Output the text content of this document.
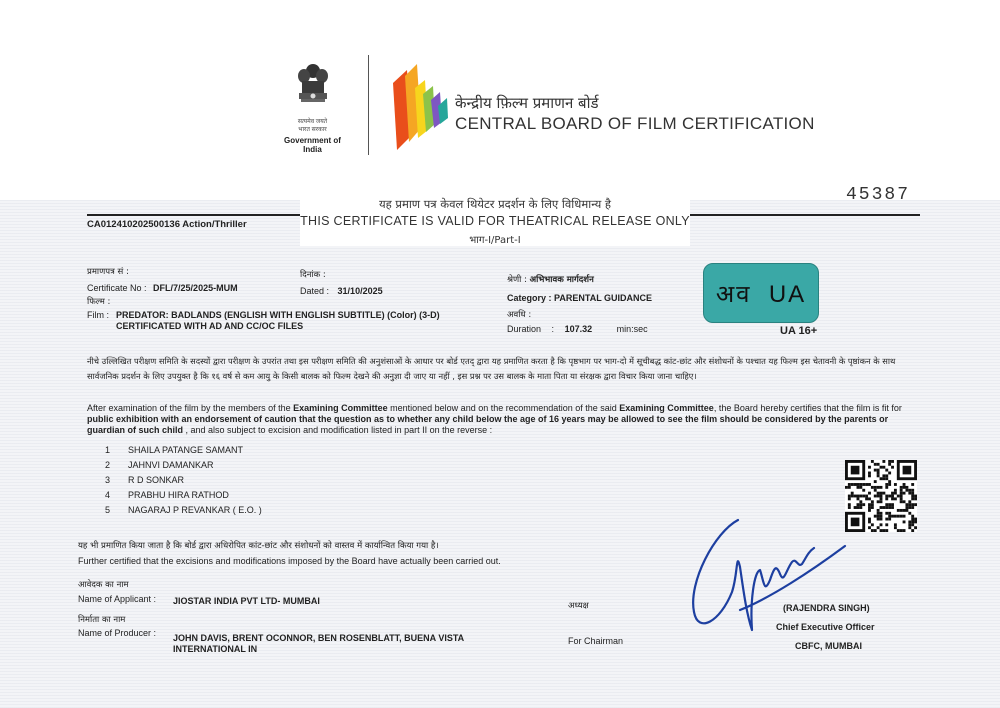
सत्यमेव जयते
भारत सरकार
Government of India
केन्द्रीय फ़िल्म प्रमाणन बोर्ड
CENTRAL BOARD OF FILM CERTIFICATION
45387
यह प्रमाण पत्र केवल थियेटर प्रदर्शन के लिए विधिमान्य है
THIS CERTIFICATE IS VALID FOR THEATRICAL RELEASE ONLY
भाग-I/Part-I
CA012410202500136 Action/Thriller
प्रमाणपत्र सं :
Certificate No : DFL/7/25/2025-MUM
दिनांक :
Dated : 31/10/2025
श्रेणी : अभिभावक मार्गदर्शन
Category : PARENTAL GUIDANCE
फिल्म :
Film : PREDATOR: BADLANDS (ENGLISH WITH ENGLISH SUBTITLE) (Color) (3-D)
CERTIFICATED WITH AD AND CC/OC FILES
अवधि :
Duration : 107.32	min:sec
अव  UA
UA 16+
नीचे उल्लिखित परीक्षण समिति के सदस्यों द्वारा परीक्षण के उपरांत तथा इस परीक्षण समिति की अनुशंसाओं के आधार पर बोर्ड एतद् द्वारा यह प्रमाणित करता है कि पृष्ठभाग पर भाग-दो में सूचीबद्ध कांट-छांट और संशोधनों के पश्चात यह फिल्म इस चेतावनी के पृष्ठांकन के साथ सार्वजनिक प्रदर्शन के लिए उपयुक्त है कि १६ वर्ष से कम आयु के किसी बालक को फिल्म देखने की अनुज्ञा दी जाए या नहीं , इस प्रश्न पर उस बालक के माता पिता या संरक्षक द्वारा विचार किया जाना चाहिए।
After examination of the film by the members of the Examining Committee mentioned below and on the recommendation of the said Examining Committee, the Board hereby certifies that the film is fit for public exhibition with an endorsement of caution that the question as to whether any child below the age of 16 years may be allowed to see the film should be considered by the parents or guardian of such child , and also subject to excision and modification listed in part II on the reverse :
1 SHAILA PATANGE SAMANT
2 JAHNVI DAMANKAR
3 R D SONKAR
4 PRABHU HIRA RATHOD
5 NAGARAJ P REVANKAR ( E.O. )
यह भी प्रमाणित किया जाता है कि बोर्ड द्वारा अधिरोपित कांट-छांट और संशोधनों को वास्तव में कार्यान्वित किया गया है।
Further certified that the excisions and modifications imposed by the Board have actually been carried out.
आवेदक का नाम
Name of Applicant : JIOSTAR INDIA PVT LTD- MUMBAI
निर्माता का नाम
Name of Producer : JOHN DAVIS, BRENT OCONNOR, BEN ROSENBLATT, BUENA VISTA
INTERNATIONAL IN
अध्यक्ष
For Chairman
(RAJENDRA SINGH)
Chief Executive Officer
CBFC, MUMBAI
